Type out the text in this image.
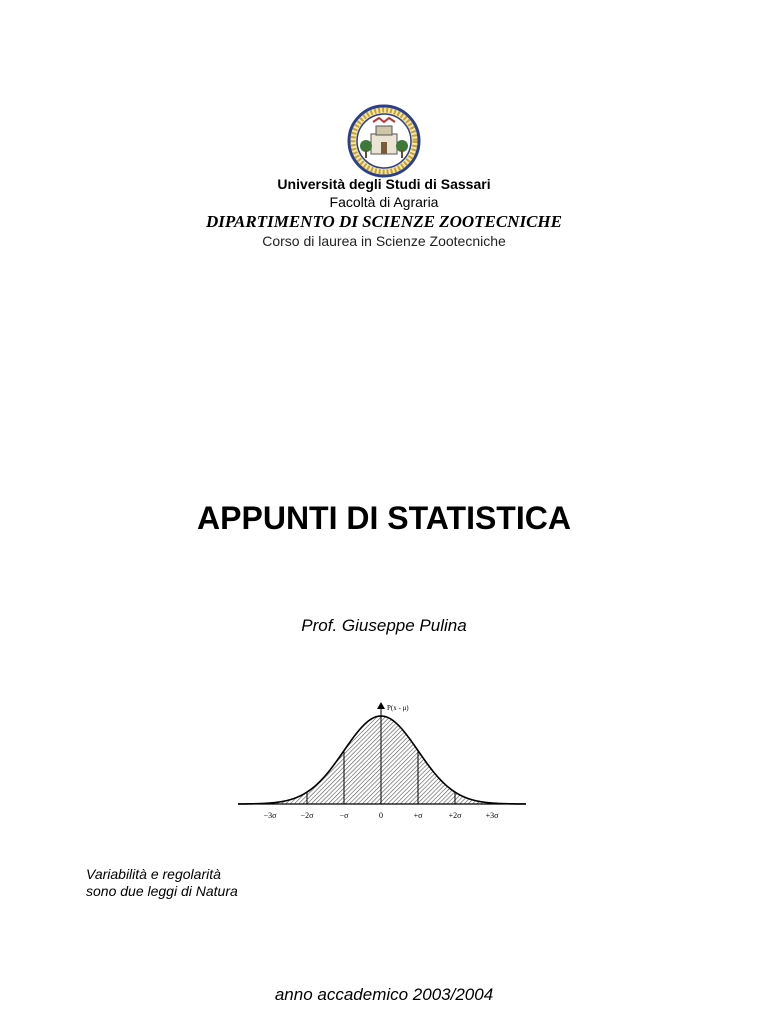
Università degli Studi di Sassari
Facoltà di Agraria
DIPARTIMENTO DI SCIENZE ZOOTECNICHE
Corso di laurea in Scienze Zootecniche
APPUNTI DI STATISTICA
Prof. Giuseppe Pulina
P(x - μ)
−3σ	−2σ	−σ	0	+σ	+2σ	+3σ
Variabilità e regolarità
sono due leggi di Natura
anno accademico 2003/2004
